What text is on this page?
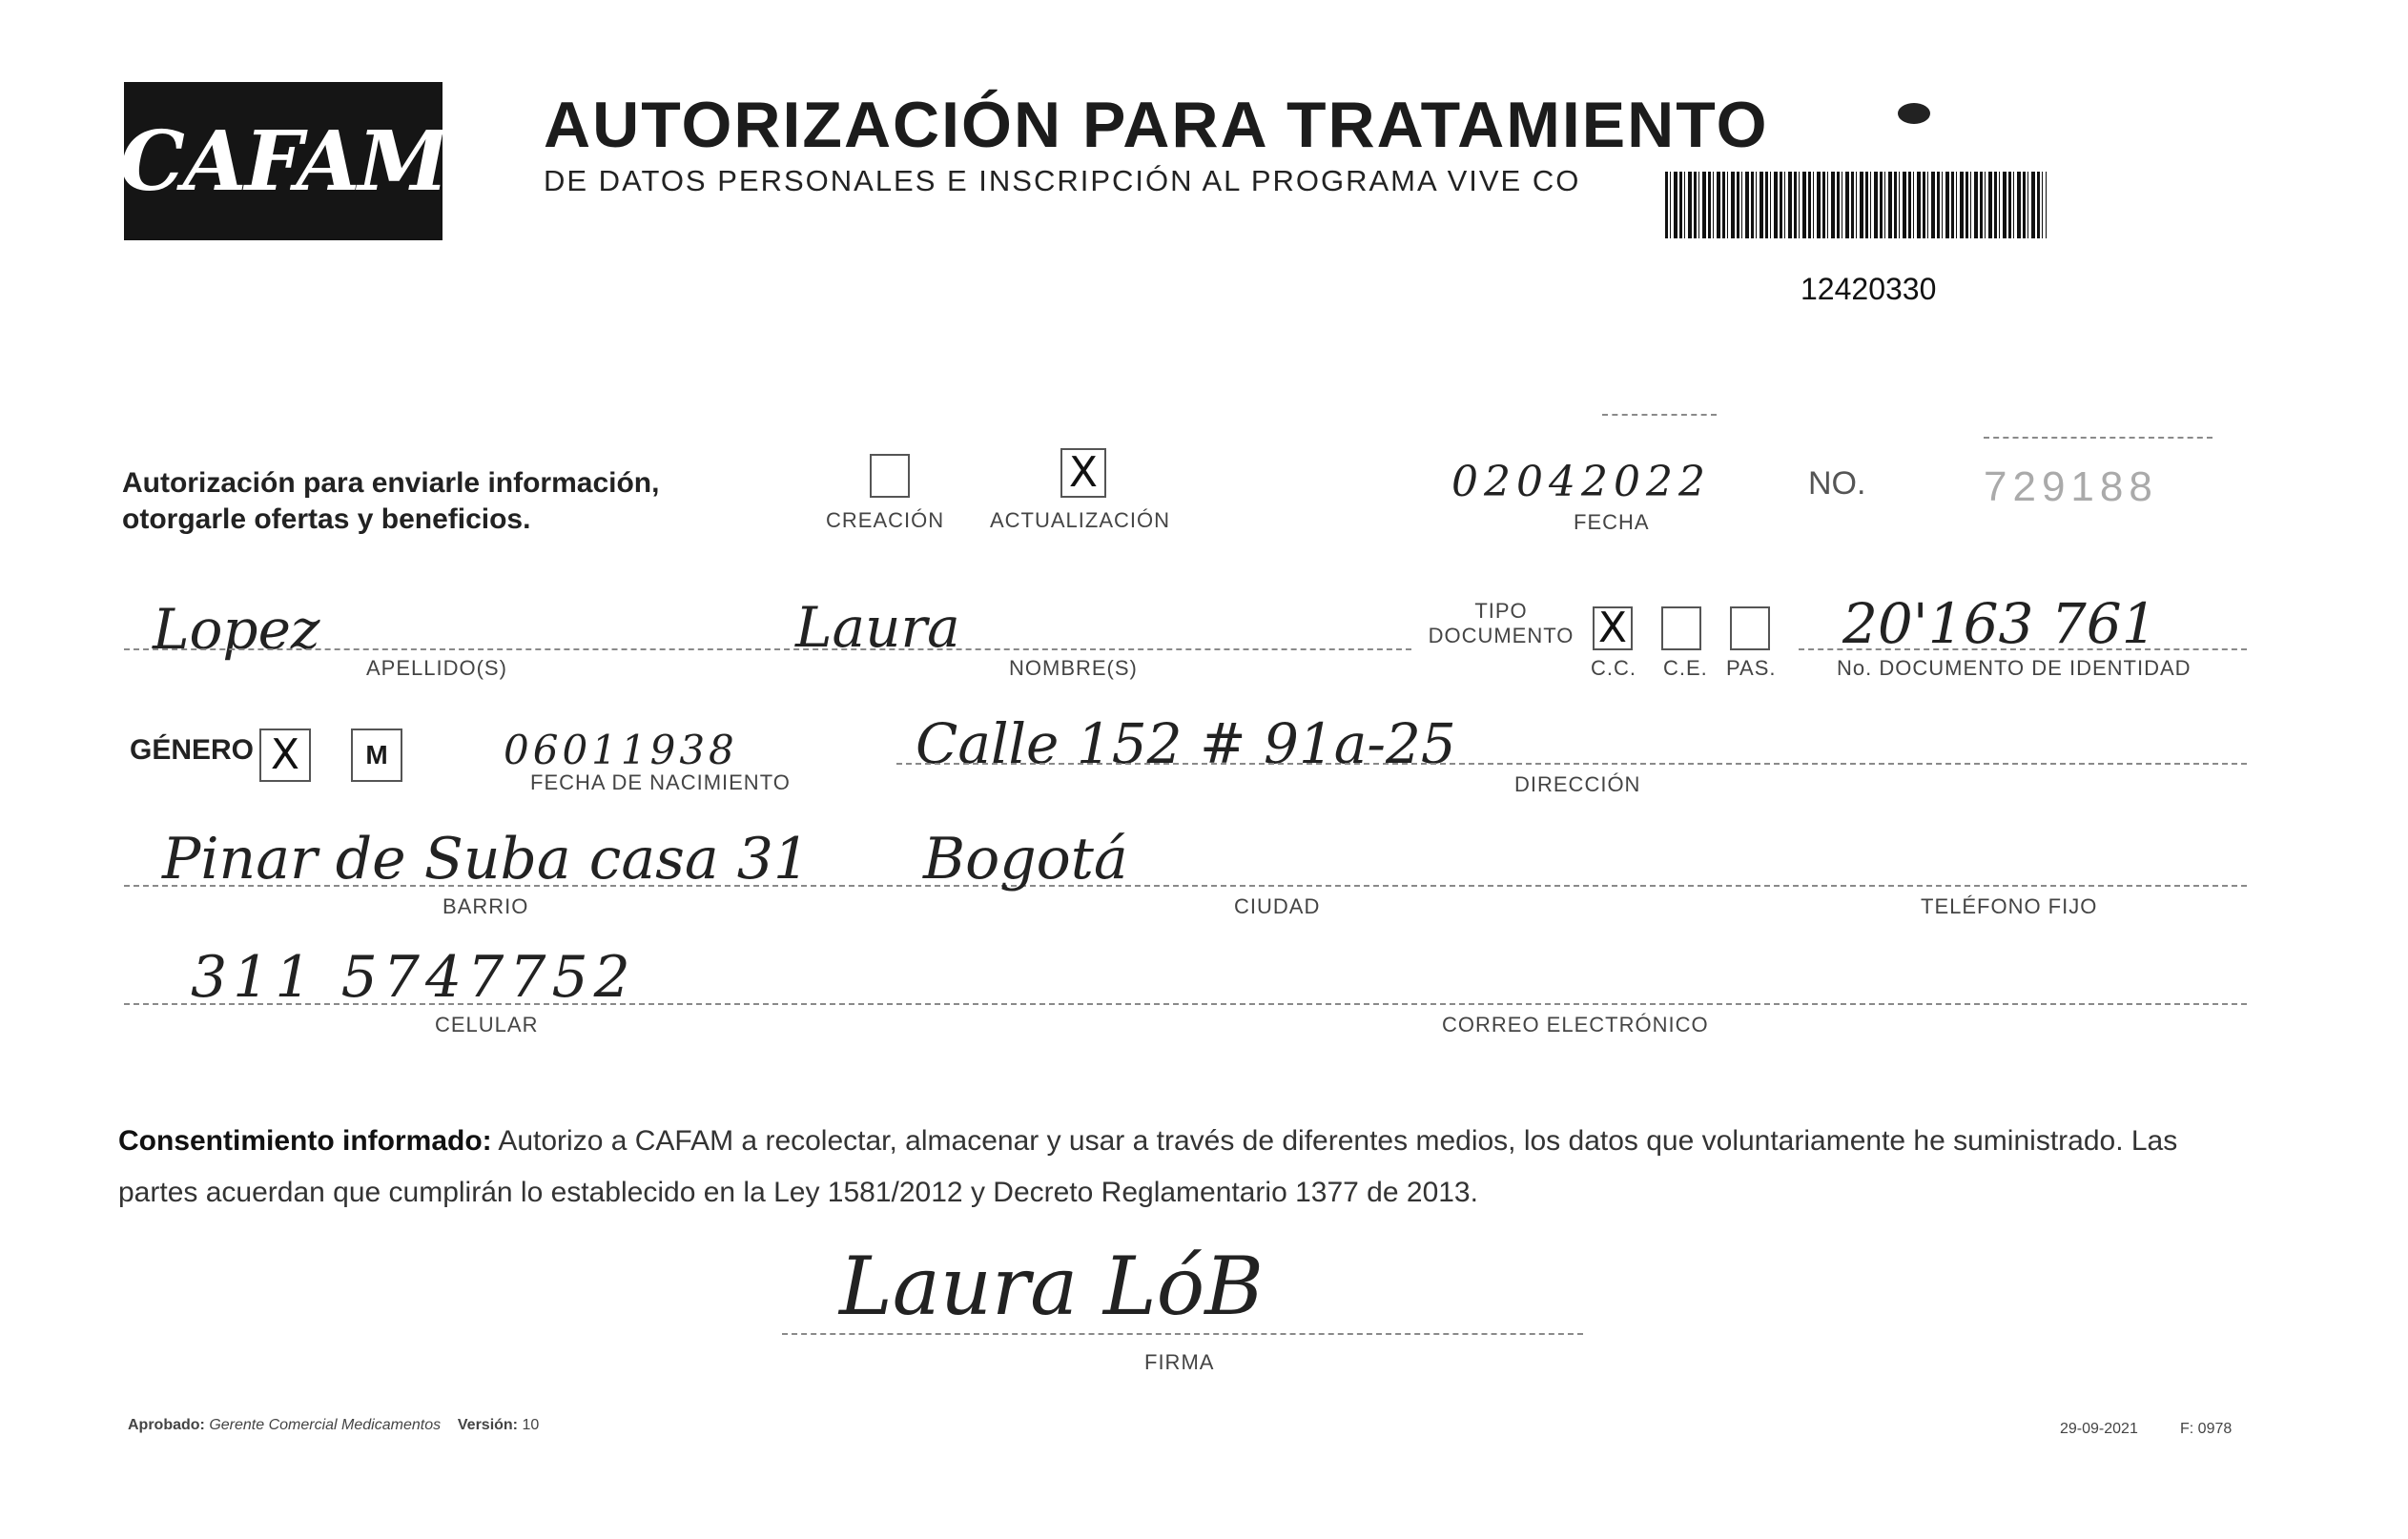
CAFAM AUTORIZACIÓN PARA TRATAMIENTO
DE DATOS PERSONALES E INSCRIPCIÓN AL PROGRAMA VIVE CO
12420330
Autorización para enviarle información, otorgarle ofertas y beneficios.	CREACIÓN
X
ACTUALIZACIÓN
02042022
FECHA
NO.	729188
Lopez
APELLIDO(S)
Laura
NOMBRE(S)
TIPO DOCUMENTO X
C.C. C.E. PAS.
20'163 761
No. DOCUMENTO DE IDENTIDAD
GÉNERO X	M	06011938
FECHA DE NACIMIENTO
Calle 152 # 91a-25
DIRECCIÓN
Pinar de Suba casa 31
BARRIO
Bogotá
CIUDAD	TELÉFONO FIJO
311 5747752
CELULAR	CORREO ELECTRÓNICO
Consentimiento informado: Autorizo a CAFAM a recolectar, almacenar y usar a través de diferentes medios, los datos que voluntariamente he suministrado. Las partes acuerdan que cumplirán lo establecido en la Ley 1581/2012 y Decreto Reglamentario 1377 de 2013.
Laura LóB
FIRMA
Aprobado: Gerente Comercial Medicamentos Versión: 10	29-09-2021	F: 0978
